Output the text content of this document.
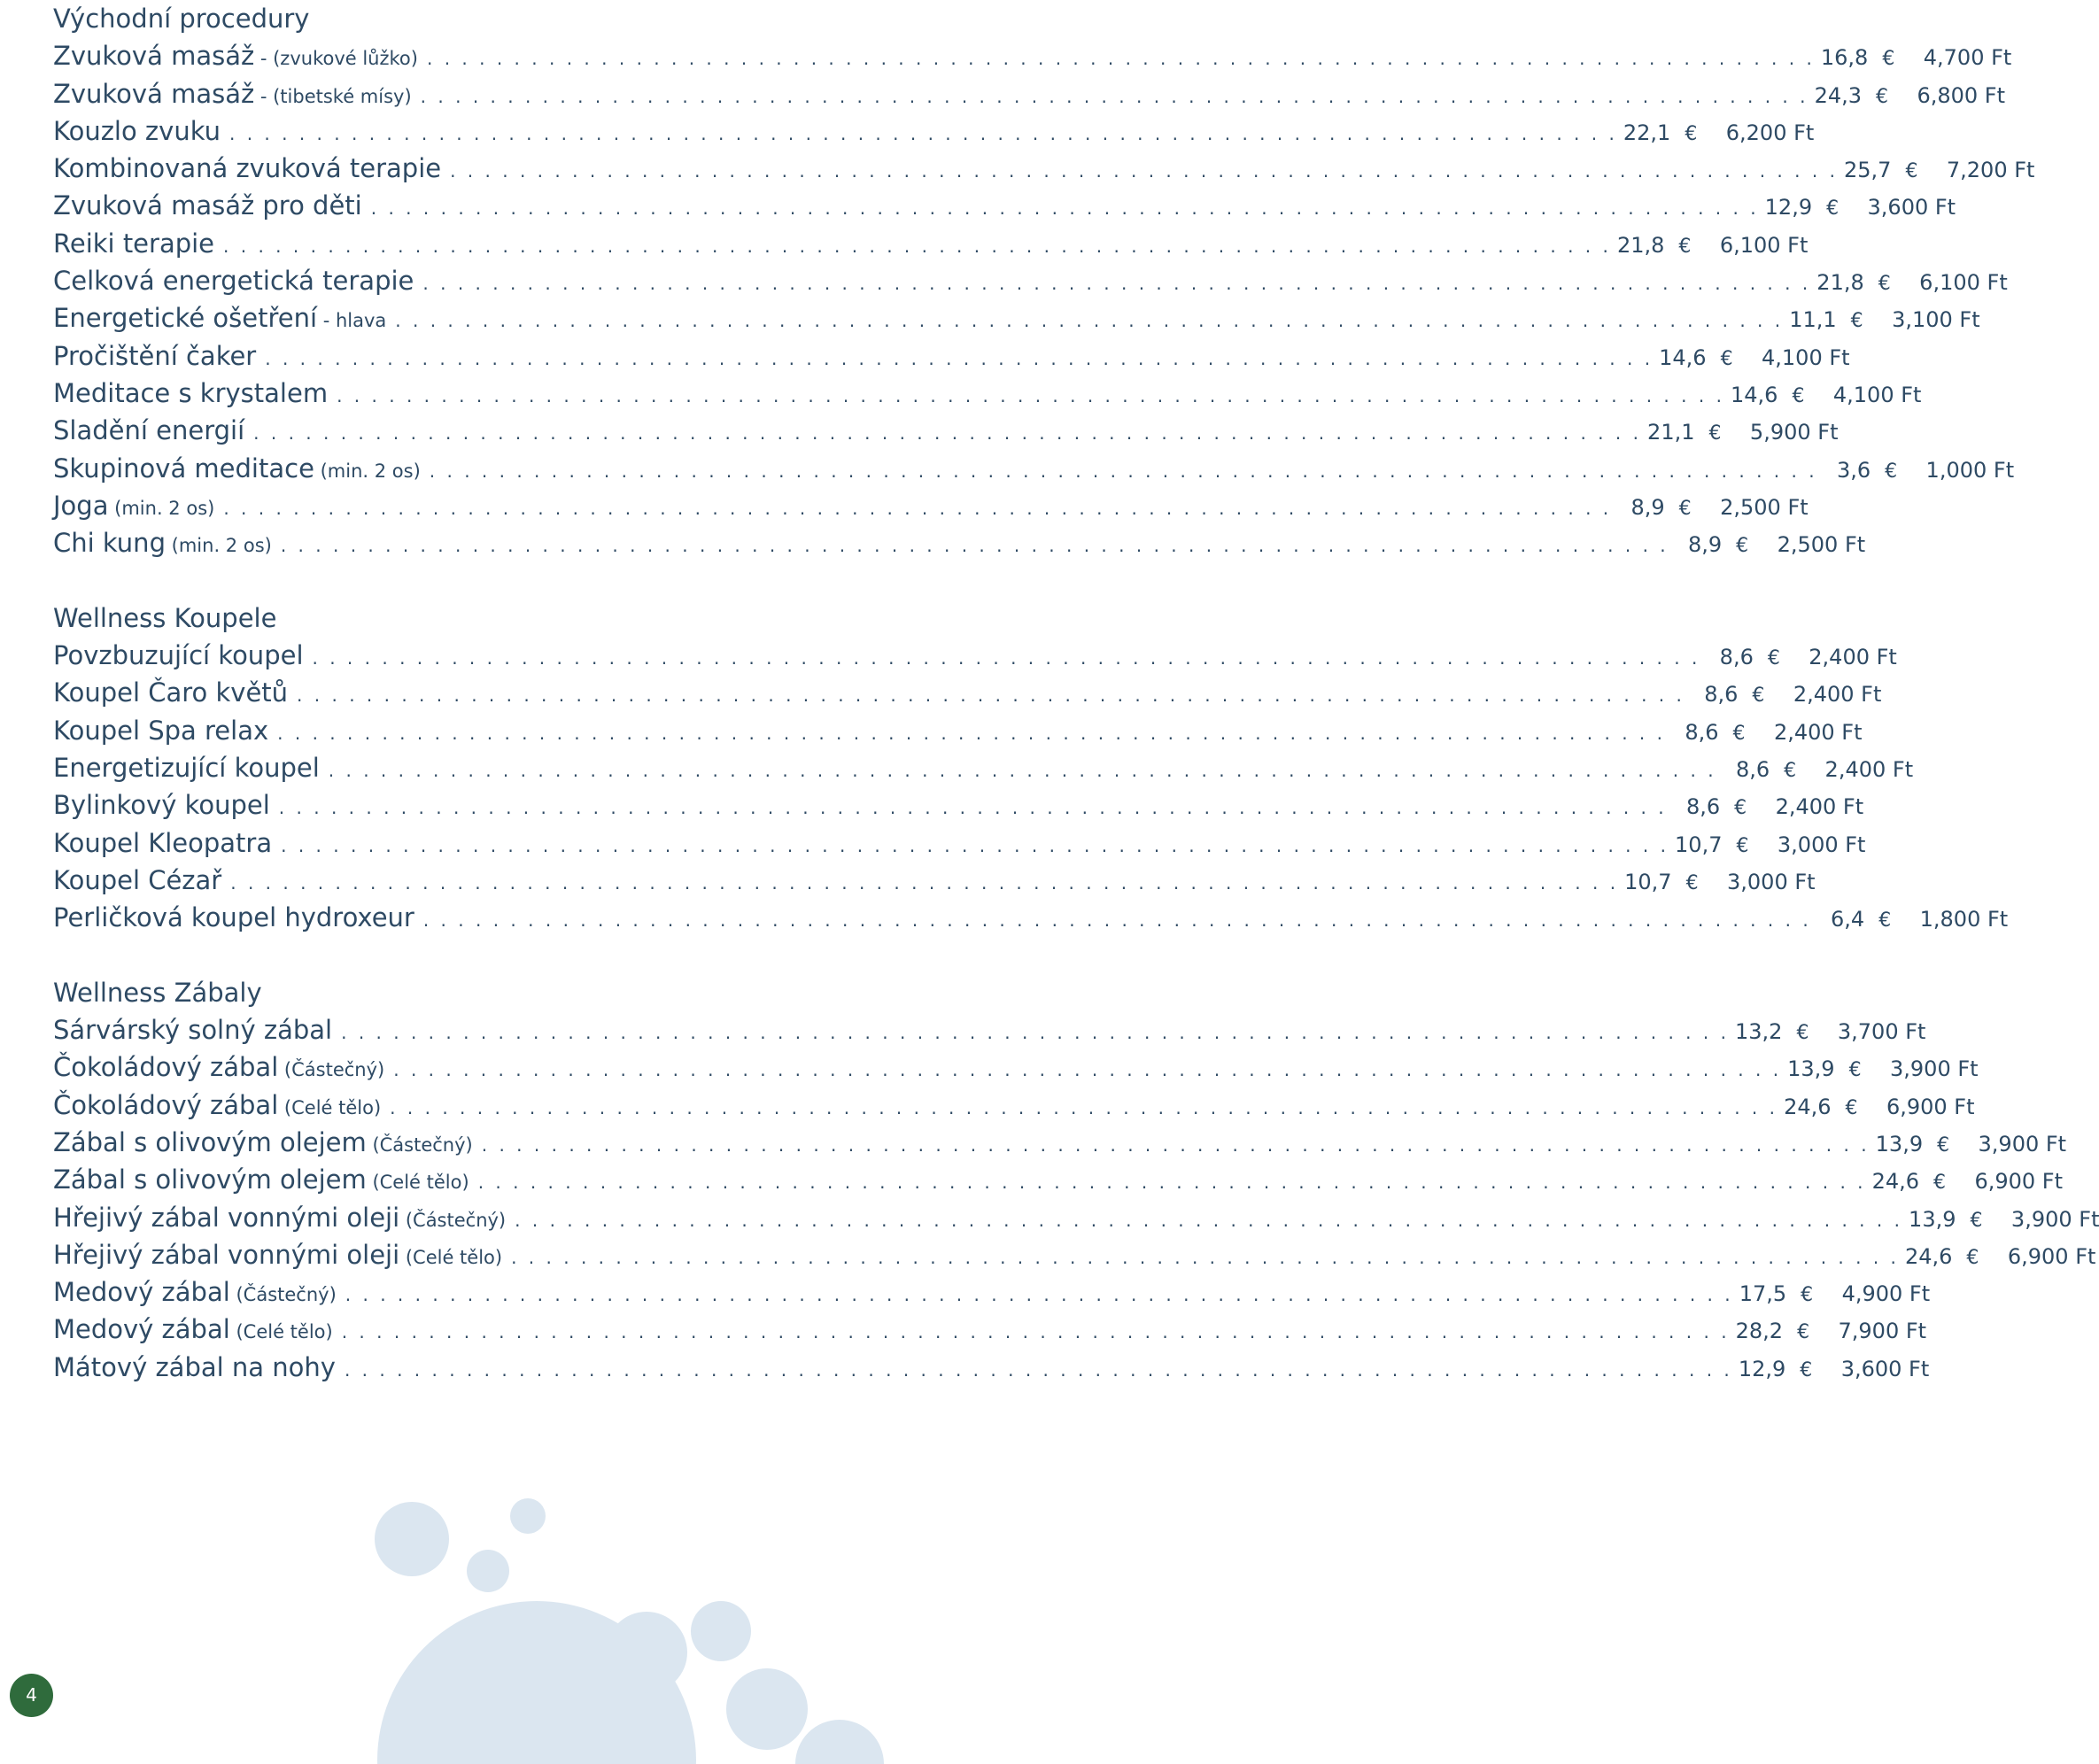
Východní procedury
Zvuková masáž - (zvukové lůžko) . . . . . . . . . . . . . . . . . . . . . . . . . . . . . . . . . . . . . . . . . . . . . . . . . . . . . . . . . . . . . . . . . . . . . . . . . . . . . . . . 16,8 €	4,700 Ft
Zvuková masáž - (tibetské mísy) . . . . . . . . . . . . . . . . . . . . . . . . . . . . . . . . . . . . . . . . . . . . . . . . . . . . . . . . . . . . . . . . . . . . . . . . . . . . . . . . 24,3 €	6,800 Ft
Kouzlo zvuku . . . . . . . . . . . . . . . . . . . . . . . . . . . . . . . . . . . . . . . . . . . . . . . . . . . . . . . . . . . . . . . . . . . . . . . . . . . . . . . . 22,1 €	6,200 Ft
Kombinovaná zvuková terapie . . . . . . . . . . . . . . . . . . . . . . . . . . . . . . . . . . . . . . . . . . . . . . . . . . . . . . . . . . . . . . . . . . . . . . . . . . . . . . . . 25,7 €	7,200 Ft
Zvuková masáž pro děti . . . . . . . . . . . . . . . . . . . . . . . . . . . . . . . . . . . . . . . . . . . . . . . . . . . . . . . . . . . . . . . . . . . . . . . . . . . . . . . . 12,9 €	3,600 Ft
Reiki terapie . . . . . . . . . . . . . . . . . . . . . . . . . . . . . . . . . . . . . . . . . . . . . . . . . . . . . . . . . . . . . . . . . . . . . . . . . . . . . . . . 21,8 €	6,100 Ft
Celková energetická terapie . . . . . . . . . . . . . . . . . . . . . . . . . . . . . . . . . . . . . . . . . . . . . . . . . . . . . . . . . . . . . . . . . . . . . . . . . . . . . . . . 21,8 €	6,100 Ft
Energetické ošetření - hlava . . . . . . . . . . . . . . . . . . . . . . . . . . . . . . . . . . . . . . . . . . . . . . . . . . . . . . . . . . . . . . . . . . . . . . . . . . . . . . . . 11,1 €	3,100 Ft
Pročištění čaker . . . . . . . . . . . . . . . . . . . . . . . . . . . . . . . . . . . . . . . . . . . . . . . . . . . . . . . . . . . . . . . . . . . . . . . . . . . . . . . . 14,6 €	4,100 Ft
Meditace s krystalem . . . . . . . . . . . . . . . . . . . . . . . . . . . . . . . . . . . . . . . . . . . . . . . . . . . . . . . . . . . . . . . . . . . . . . . . . . . . . . . . 14,6 €	4,100 Ft
Sladění energií . . . . . . . . . . . . . . . . . . . . . . . . . . . . . . . . . . . . . . . . . . . . . . . . . . . . . . . . . . . . . . . . . . . . . . . . . . . . . . . . 21,1 €	5,900 Ft
Skupinová meditace (min. 2 os) . . . . . . . . . . . . . . . . . . . . . . . . . . . . . . . . . . . . . . . . . . . . . . . . . . . . . . . . . . . . . . . . . . . . . . . . . . . . . . . . 3,6 €	1,000 Ft
Joga (min. 2 os) . . . . . . . . . . . . . . . . . . . . . . . . . . . . . . . . . . . . . . . . . . . . . . . . . . . . . . . . . . . . . . . . . . . . . . . . . . . . . . . . 8,9 €	2,500 Ft
Chi kung (min. 2 os) . . . . . . . . . . . . . . . . . . . . . . . . . . . . . . . . . . . . . . . . . . . . . . . . . . . . . . . . . . . . . . . . . . . . . . . . . . . . . . . . 8,9 €	2,500 Ft
Wellness Koupele
Povzbuzující koupel . . . . . . . . . . . . . . . . . . . . . . . . . . . . . . . . . . . . . . . . . . . . . . . . . . . . . . . . . . . . . . . . . . . . . . . . . . . . . . . . 8,6 €	2,400 Ft
Koupel Čaro květů . . . . . . . . . . . . . . . . . . . . . . . . . . . . . . . . . . . . . . . . . . . . . . . . . . . . . . . . . . . . . . . . . . . . . . . . . . . . . . . . 8,6 €	2,400 Ft
Koupel Spa relax . . . . . . . . . . . . . . . . . . . . . . . . . . . . . . . . . . . . . . . . . . . . . . . . . . . . . . . . . . . . . . . . . . . . . . . . . . . . . . . . 8,6 €	2,400 Ft
Energetizující koupel . . . . . . . . . . . . . . . . . . . . . . . . . . . . . . . . . . . . . . . . . . . . . . . . . . . . . . . . . . . . . . . . . . . . . . . . . . . . . . . . 8,6 €	2,400 Ft
Bylinkový koupel . . . . . . . . . . . . . . . . . . . . . . . . . . . . . . . . . . . . . . . . . . . . . . . . . . . . . . . . . . . . . . . . . . . . . . . . . . . . . . . . 8,6 €	2,400 Ft
Koupel Kleopatra . . . . . . . . . . . . . . . . . . . . . . . . . . . . . . . . . . . . . . . . . . . . . . . . . . . . . . . . . . . . . . . . . . . . . . . . . . . . . . . . 10,7 €	3,000 Ft
Koupel Cézař . . . . . . . . . . . . . . . . . . . . . . . . . . . . . . . . . . . . . . . . . . . . . . . . . . . . . . . . . . . . . . . . . . . . . . . . . . . . . . . . 10,7 €	3,000 Ft
Perličková koupel hydroxeur . . . . . . . . . . . . . . . . . . . . . . . . . . . . . . . . . . . . . . . . . . . . . . . . . . . . . . . . . . . . . . . . . . . . . . . . . . . . . . . . 6,4 €	1,800 Ft
Wellness Zábaly
Sárvárský solný zábal . . . . . . . . . . . . . . . . . . . . . . . . . . . . . . . . . . . . . . . . . . . . . . . . . . . . . . . . . . . . . . . . . . . . . . . . . . . . . . . . 13,2 €	3,700 Ft
Čokoládový zábal (Částečný) . . . . . . . . . . . . . . . . . . . . . . . . . . . . . . . . . . . . . . . . . . . . . . . . . . . . . . . . . . . . . . . . . . . . . . . . . . . . . . . . 13,9 €	3,900 Ft
Čokoládový zábal (Celé tělo) . . . . . . . . . . . . . . . . . . . . . . . . . . . . . . . . . . . . . . . . . . . . . . . . . . . . . . . . . . . . . . . . . . . . . . . . . . . . . . . . 24,6 €	6,900 Ft
Zábal s olivovým olejem (Částečný) . . . . . . . . . . . . . . . . . . . . . . . . . . . . . . . . . . . . . . . . . . . . . . . . . . . . . . . . . . . . . . . . . . . . . . . . . . . . . . . . 13,9 €	3,900 Ft
Zábal s olivovým olejem (Celé tělo) . . . . . . . . . . . . . . . . . . . . . . . . . . . . . . . . . . . . . . . . . . . . . . . . . . . . . . . . . . . . . . . . . . . . . . . . . . . . . . . . 24,6 €	6,900 Ft
Hřejivý zábal vonnými oleji (Částečný) . . . . . . . . . . . . . . . . . . . . . . . . . . . . . . . . . . . . . . . . . . . . . . . . . . . . . . . . . . . . . . . . . . . . . . . . . . . . . . . . 13,9 €	3,900 Ft
Hřejivý zábal vonnými oleji (Celé tělo) . . . . . . . . . . . . . . . . . . . . . . . . . . . . . . . . . . . . . . . . . . . . . . . . . . . . . . . . . . . . . . . . . . . . . . . . . . . . . . . . 24,6 €	6,900 Ft
Medový zábal (Částečný) . . . . . . . . . . . . . . . . . . . . . . . . . . . . . . . . . . . . . . . . . . . . . . . . . . . . . . . . . . . . . . . . . . . . . . . . . . . . . . . . 17,5 €	4,900 Ft
Medový zábal (Celé tělo) . . . . . . . . . . . . . . . . . . . . . . . . . . . . . . . . . . . . . . . . . . . . . . . . . . . . . . . . . . . . . . . . . . . . . . . . . . . . . . . . 28,2 €	7,900 Ft
Mátový zábal na nohy . . . . . . . . . . . . . . . . . . . . . . . . . . . . . . . . . . . . . . . . . . . . . . . . . . . . . . . . . . . . . . . . . . . . . . . . . . . . . . . . 12,9 €	3,600 Ft
4
